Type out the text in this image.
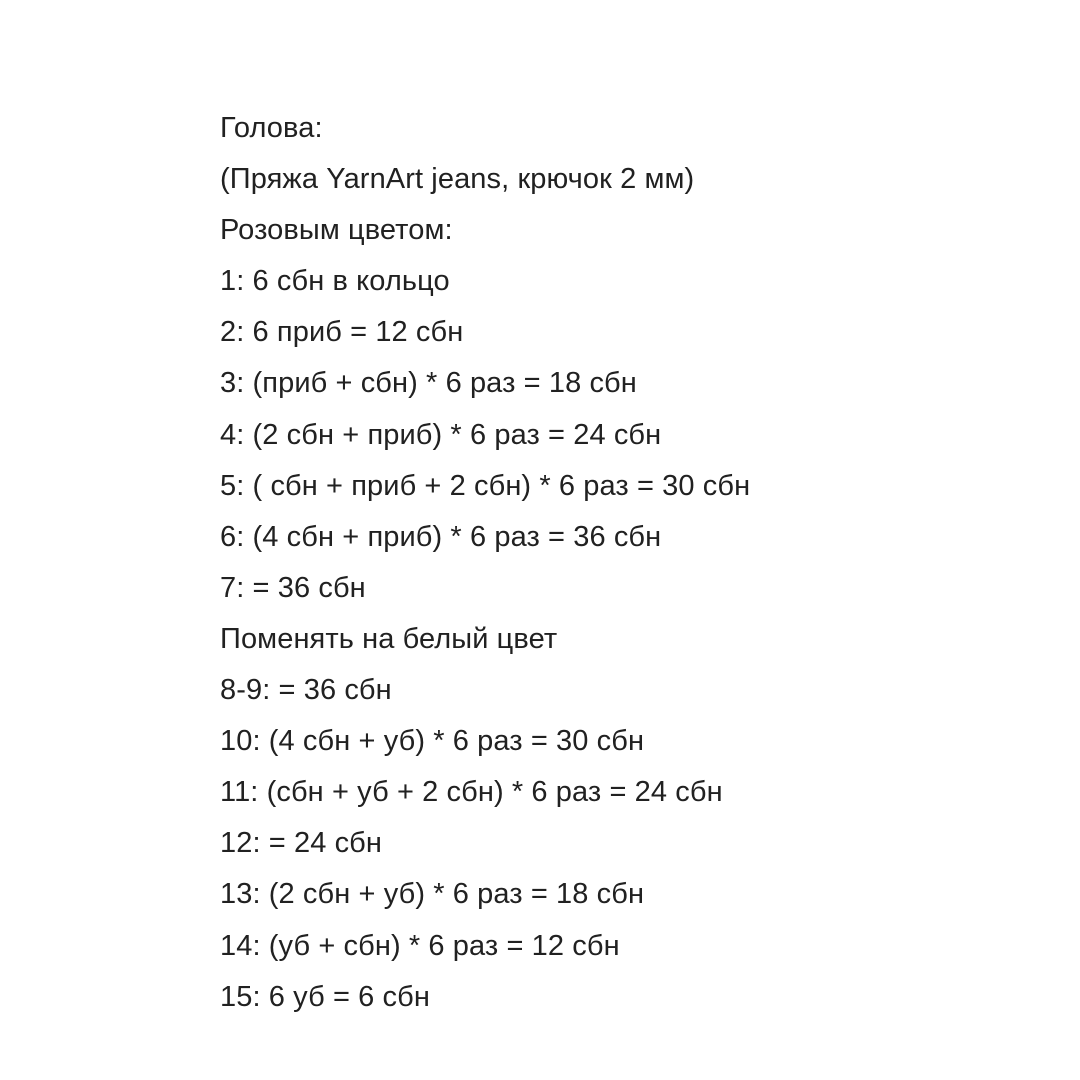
Голова:
(Пряжа YarnArt jeans, крючок 2 мм)
Розовым цветом:
1: 6 сбн в кольцо
2: 6 приб = 12 сбн
3: (приб + сбн) * 6 раз = 18 сбн
4: (2 сбн + приб) * 6 раз = 24 сбн
5: ( сбн + приб + 2 сбн) * 6 раз = 30 сбн
6: (4 сбн + приб) * 6 раз = 36 сбн
7: = 36 сбн
Поменять на белый цвет
8-9: = 36 сбн
10: (4 сбн + уб) * 6 раз = 30 сбн
11: (сбн + уб + 2 сбн) * 6 раз = 24 сбн
12: = 24 сбн
13: (2 сбн + уб) * 6 раз = 18 сбн
14: (уб + сбн) * 6 раз = 12 сбн
15: 6 уб = 6 сбн
